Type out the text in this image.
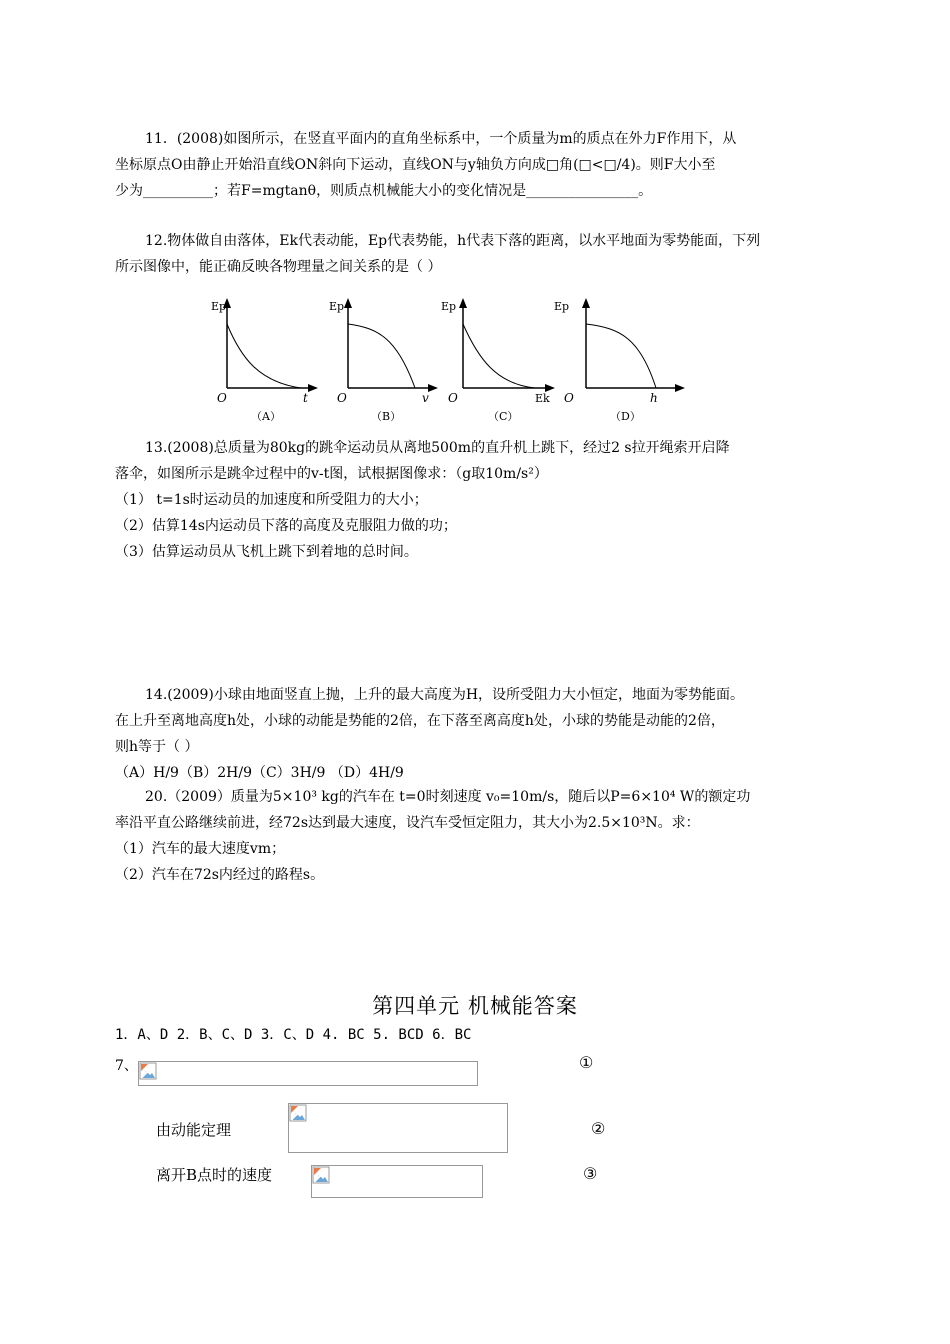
11．(2008)如图所示，在竖直平面内的直角坐标系中，一个质量为m的质点在外力F作用下，从
坐标原点O由静止开始沿直线ON斜向下运动，直线ON与y轴负方向成□角(□<□/4)。则F大小至
少为__________；若F=mgtanθ，则质点机械能大小的变化情况是________________。
12.物体做自由落体，Ek代表动能，Ep代表势能，h代表下落的距离，以水平地面为零势能面，下列
所示图像中，能正确反映各物理量之间关系的是（ ）
Ep
O	t
（A）
Ep
O	v
（B）
Ep
O	Ek
（C）
Ep
O	h
（D）
13.(2008)总质量为80kg的跳伞运动员从离地500m的直升机上跳下，经过2 s拉开绳索开启降
落伞，如图所示是跳伞过程中的v-t图，试根据图像求：（g取10m/s²）
（1） t=1s时运动员的加速度和所受阻力的大小；
（2）估算14s内运动员下落的高度及克服阻力做的功；
（3）估算运动员从飞机上跳下到着地的总时间。
14.(2009)小球由地面竖直上抛，上升的最大高度为H，设所受阻力大小恒定，地面为零势能面。
在上升至离地高度h处，小球的动能是势能的2倍，在下落至离高度h处，小球的势能是动能的2倍，
则h等于（ ）
（A）H/9（B）2H/9（C）3H/9 （D）4H/9
20.（2009）质量为5×10³ kg的汽车在 t=0时刻速度 v₀=10m/s，随后以P=6×10⁴ W的额定功
率沿平直公路继续前进，经72s达到最大速度，设汽车受恒定阻力，其大小为2.5×10³N。求：
（1）汽车的最大速度vm；
（2）汽车在72s内经过的路程s。
第四单元 机械能答案
1．A、D 2．B、C、D 3．C、D 4. BC 5. BCD 6．BC
7、	①
由动能定理	②
离开B点时的速度	③
